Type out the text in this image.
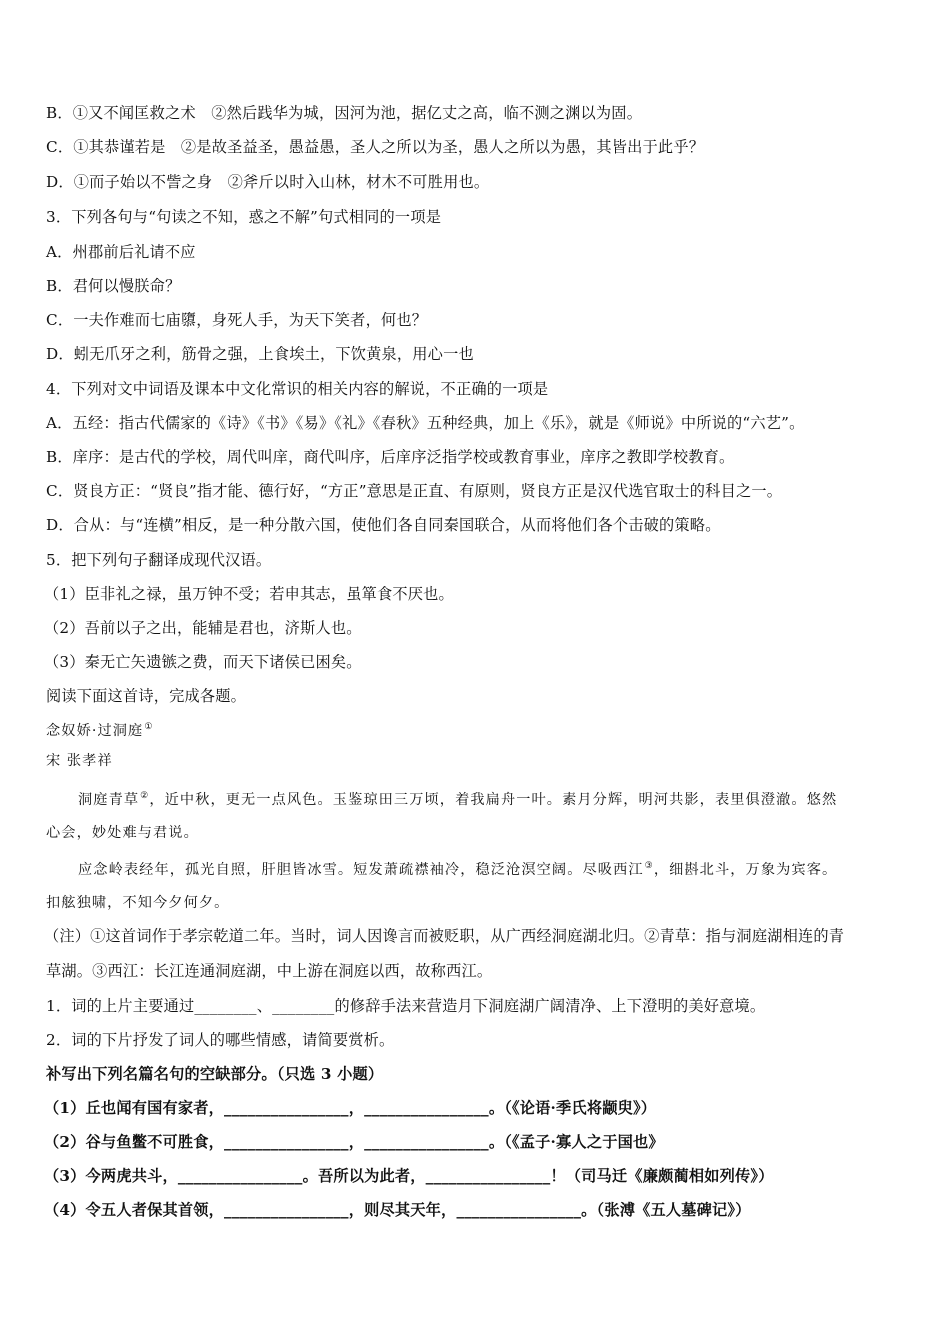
B．①又不闻匡救之术　②然后践华为城，因河为池，据亿丈之高，临不测之渊以为固。
C．①其恭谨若是　②是故圣益圣，愚益愚，圣人之所以为圣，愚人之所以为愚，其皆出于此乎？
D．①而子始以不訾之身　②斧斤以时入山林，材木不可胜用也。
3．下列各句与“句读之不知，惑之不解”句式相同的一项是
A．州郡前后礼请不应
B．君何以慢朕命？
C．一夫作难而七庙隳，身死人手，为天下笑者，何也？
D．蚓无爪牙之利，筋骨之强，上食埃土，下饮黄泉，用心一也
4．下列对文中词语及课本中文化常识的相关内容的解说，不正确的一项是
A．五经：指古代儒家的《诗》《书》《易》《礼》《春秋》五种经典，加上《乐》，就是《师说》中所说的“六艺”。
B．庠序：是古代的学校，周代叫庠，商代叫序，后庠序泛指学校或教育事业，庠序之教即学校教育。
C．贤良方正：“贤良”指才能、德行好，“方正”意思是正直、有原则，贤良方正是汉代选官取士的科目之一。
D．合从：与“连横”相反，是一种分散六国，使他们各自同秦国联合，从而将他们各个击破的策略。
5．把下列句子翻译成现代汉语。
（1）臣非礼之禄，虽万钟不受；若申其志，虽箪食不厌也。
（2）吾前以子之出，能辅是君也，济斯人也。
（3）秦无亡矢遗镞之费，而天下诸侯已困矣。
阅读下面这首诗，完成各题。
念奴娇·过洞庭①
宋 张孝祥
洞庭青草②，近中秋，更无一点风色。玉鉴琼田三万顷，着我扁舟一叶。素月分辉，明河共影，表里俱澄澈。悠然
心会，妙处难与君说。
应念岭表经年，孤光自照，肝胆皆冰雪。短发萧疏襟袖冷，稳泛沧溟空阔。尽吸西江③，细斟北斗，万象为宾客。
扣舷独啸，不知今夕何夕。
（注）①这首词作于孝宗乾道二年。当时，词人因谗言而被贬职，从广西经洞庭湖北归。②青草：指与洞庭湖相连的青
草湖。③西江：长江连通洞庭湖，中上游在洞庭以西，故称西江。
1．词的上片主要通过________、________的修辞手法来营造月下洞庭湖广阔清净、上下澄明的美好意境。
2．词的下片抒发了词人的哪些情感，请简要赏析。
补写出下列名篇名句的空缺部分。（只选 3 小题）
（1）丘也闻有国有家者，________________，________________。（《论语·季氏将颛臾》）
（2）谷与鱼鳖不可胜食，________________，________________。（《孟子·寡人之于国也》
（3）今两虎共斗，________________。吾所以为此者，________________！（司马迁《廉颇蔺相如列传》）
（4）令五人者保其首领，________________，则尽其天年，________________。（张溥《五人墓碑记》）
